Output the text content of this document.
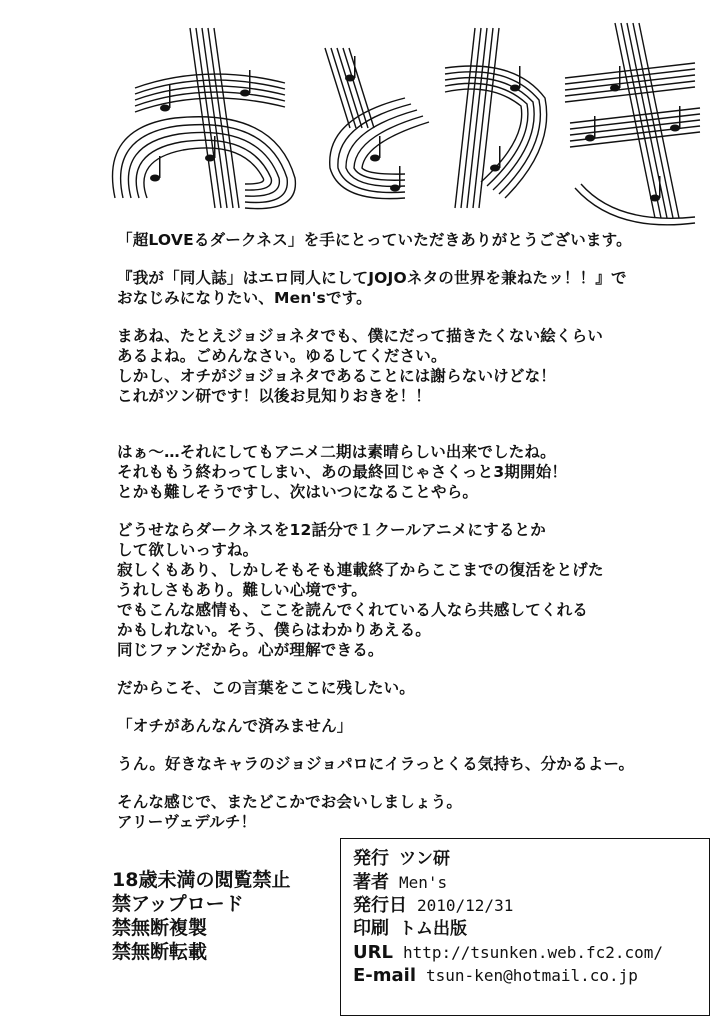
「超LOVEるダークネス」を手にとっていただきありがとうございます。
『我が「同人誌」はエロ同人にしてJOJOネタの世界を兼ねたッ！！』で
おなじみになりたい、Men'sです。
まあね、たとえジョジョネタでも、僕にだって描きたくない絵くらい
あるよね。ごめんなさい。ゆるしてください。
しかし、オチがジョジョネタであることには謝らないけどな！
これがツン研です！以後お見知りおきを！！
はぁ～…それにしてもアニメ二期は素晴らしい出来でしたね。
それももう終わってしまい、あの最終回じゃさくっと3期開始！
とかも難しそうですし、次はいつになることやら。
どうせならダークネスを12話分で１クールアニメにするとか
して欲しいっすね。
寂しくもあり、しかしそもそも連載終了からここまでの復活をとげた
うれしさもあり。難しい心境です。
でもこんな感情も、ここを読んでくれている人なら共感してくれる
かもしれない。そう、僕らはわかりあえる。
同じファンだから。心が理解できる。
だからこそ、この言葉をここに残したい。
「オチがあんなんで済みません」
うん。好きなキャラのジョジョパロにイラっとくる気持ち、分かるよー。
そんな感じで、またどこかでお会いしましょう。
アリーヴェデルチ！
18歳未満の閲覧禁止
禁アップロード
禁無断複製
禁無断転載
発行 ツン研
著者 Men's
発行日 2010/12/31
印刷 トム出版
URL http://tsunken.web.fc2.com/
E-mail tsun-ken@hotmail.co.jp
